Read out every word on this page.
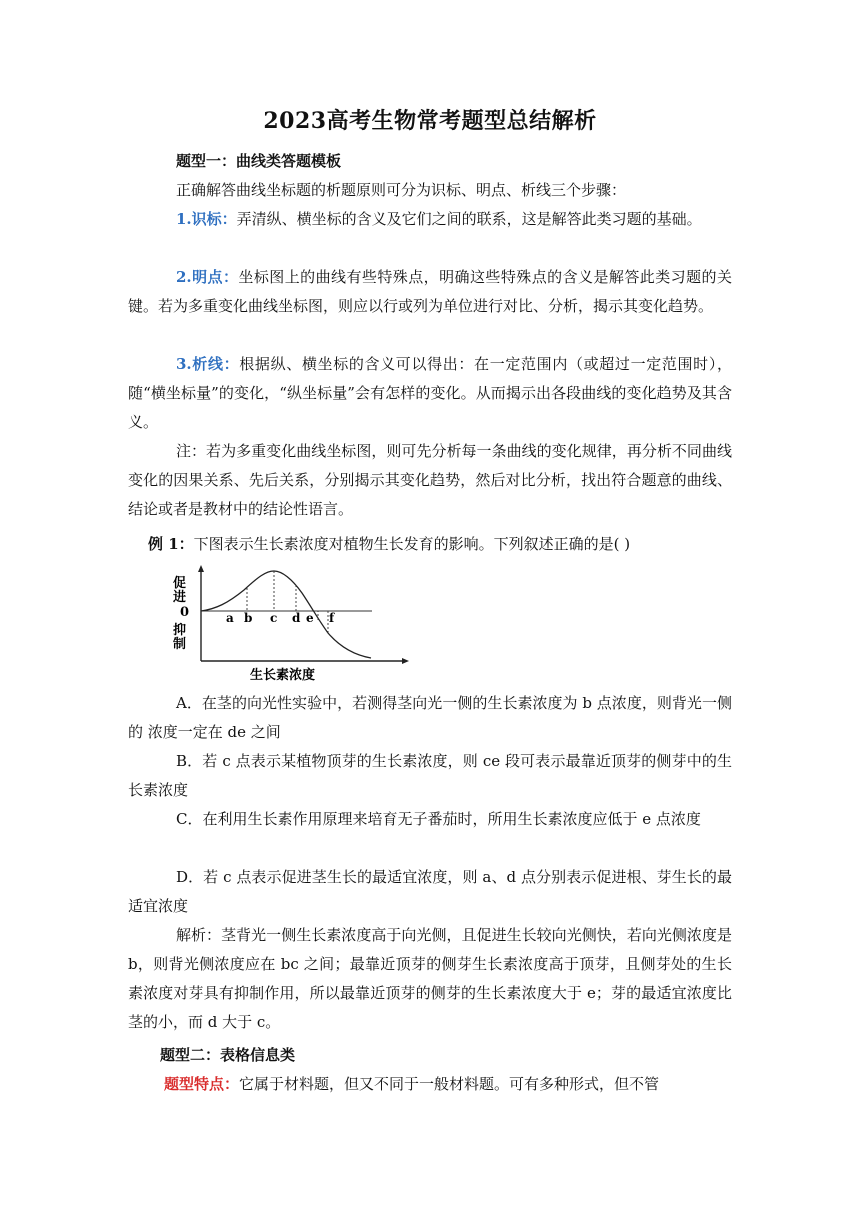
2023高考生物常考题型总结解析
题型一：曲线类答题模板
正确解答曲线坐标题的析题原则可分为识标、明点、析线三个步骤：
1.识标：弄清纵、横坐标的含义及它们之间的联系，这是解答此类习题的基础。
2.明点：坐标图上的曲线有些特殊点，明确这些特殊点的含义是解答此类习题的关键。若为多重变化曲线坐标图，则应以行或列为单位进行对比、分析，揭示其变化趋势。
3.析线：根据纵、横坐标的含义可以得出：在一定范围内（或超过一定范围时），随“横坐标量”的变化，“纵坐标量”会有怎样的变化。从而揭示出各段曲线的变化趋势及其含义。
注：若为多重变化曲线坐标图，则可先分析每一条曲线的变化规律，再分析不同曲线变化的因果关系、先后关系，分别揭示其变化趋势，然后对比分析，找出符合题意的曲线、结论或者是教材中的结论性语言。
例 1：下图表示生长素浓度对植物生长发育的影响。下列叙述正确的是( )
促
进
0
抑
制
a b c d e f
生长素浓度
A．在茎的向光性实验中，若测得茎向光一侧的生长素浓度为 b 点浓度，则背光一侧的 浓度一定在 de 之间
B．若 c 点表示某植物顶芽的生长素浓度，则 ce 段可表示最靠近顶芽的侧芽中的生长素浓度
C．在利用生长素作用原理来培育无子番茄时，所用生长素浓度应低于 e 点浓度
D．若 c 点表示促进茎生长的最适宜浓度，则 a、d 点分别表示促进根、芽生长的最适宜浓度
解析：茎背光一侧生长素浓度高于向光侧，且促进生长较向光侧快，若向光侧浓度是 b，则背光侧浓度应在 bc 之间；最靠近顶芽的侧芽生长素浓度高于顶芽，且侧芽处的生长素浓度对芽具有抑制作用，所以最靠近顶芽的侧芽的生长素浓度大于 e；芽的最适宜浓度比茎的小，而 d 大于 c。
题型二：表格信息类
题型特点：它属于材料题，但又不同于一般材料题。可有多种形式，但不管
